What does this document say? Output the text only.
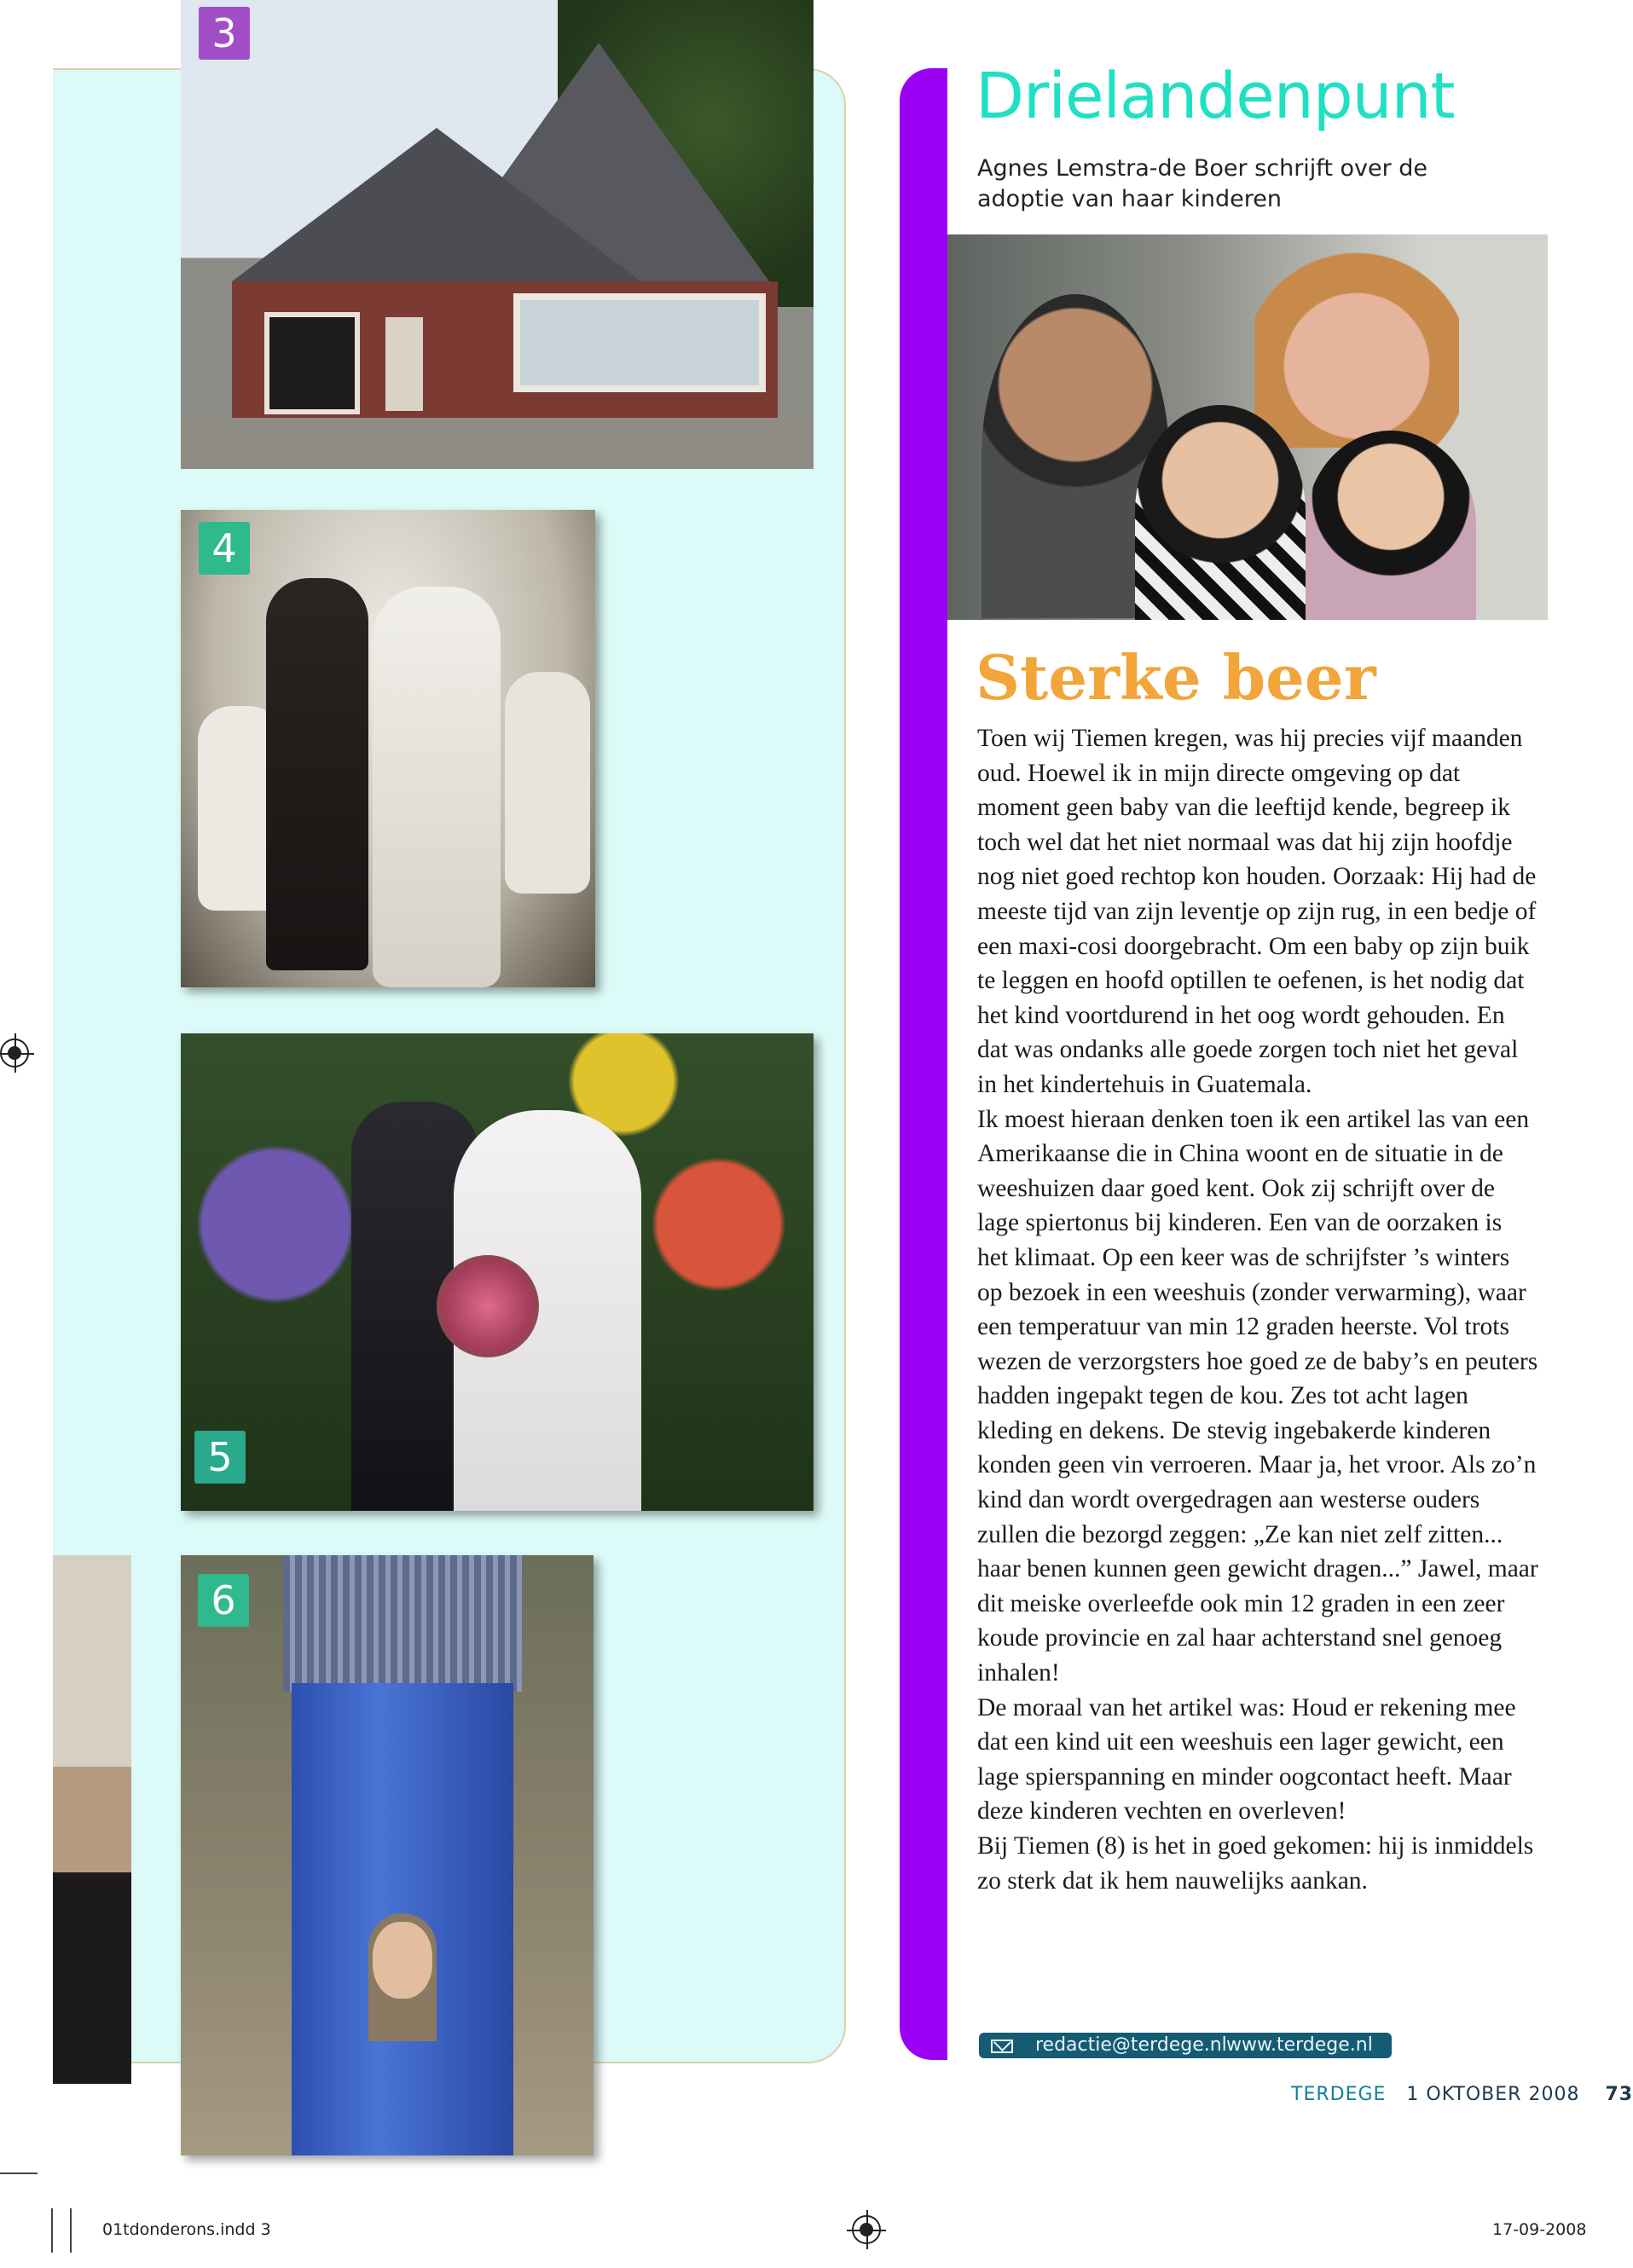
3
4
5
6
Drielandenpunt
Agnes Lemstra-de Boer schrijft over de adoptie van haar kinderen
Sterke beer

Toen wij Tiemen kregen, was hij precies vijf maanden oud. Hoewel ik in mijn directe omgeving op dat moment geen baby van die leeftijd kende, begreep ik toch wel dat het niet normaal was dat hij zijn hoofdje nog niet goed rechtop kon houden. Oorzaak: Hij had de meeste tijd van zijn leventje op zijn rug, in een bedje of een maxi-cosi doorgebracht. Om een baby op zijn buik te leggen en hoofd optillen te oefenen, is het nodig dat het kind voortdurend in het oog wordt gehouden. En dat was ondanks alle goede zorgen toch niet het geval in het kindertehuis in Guatemala.

Ik moest hieraan denken toen ik een artikel las van een Amerikaanse die in China woont en de situatie in de weeshuizen daar goed kent. Ook zij schrijft over de lage spiertonus bij kinderen. Een van de oorzaken is het klimaat. Op een keer was de schrijfster ’s winters op bezoek in een weeshuis (zonder verwarming), waar een temperatuur van min 12 graden heerste. Vol trots wezen de verzorgsters hoe goed ze de baby’s en peuters hadden ingepakt tegen de kou. Zes tot acht lagen kleding en dekens. De stevig ingebakerde kinderen konden geen vin verroeren. Maar ja, het vroor. Als zo’n kind dan wordt overgedragen aan westerse ouders zullen die bezorgd zeggen: „Ze kan niet zelf zitten... haar benen kunnen geen gewicht dragen...” Jawel, maar dit meiske overleefde ook min 12 graden in een zeer koude provincie en zal haar achterstand snel genoeg inhalen!

De moraal van het artikel was: Houd er rekening mee dat een kind uit een weeshuis een lager gewicht, een lage spierspanning en minder oogcontact heeft. Maar deze kinderen vechten en overleven!

Bij Tiemen (8) is het in goed gekomen: hij is inmiddels zo sterk dat ik hem nauwelijks aankan.

redactie@terdege.nl www.terdege.nl
TERDEGE 1 OKTOBER 2008 73
01tdonderons.indd 3	17-09-2008
